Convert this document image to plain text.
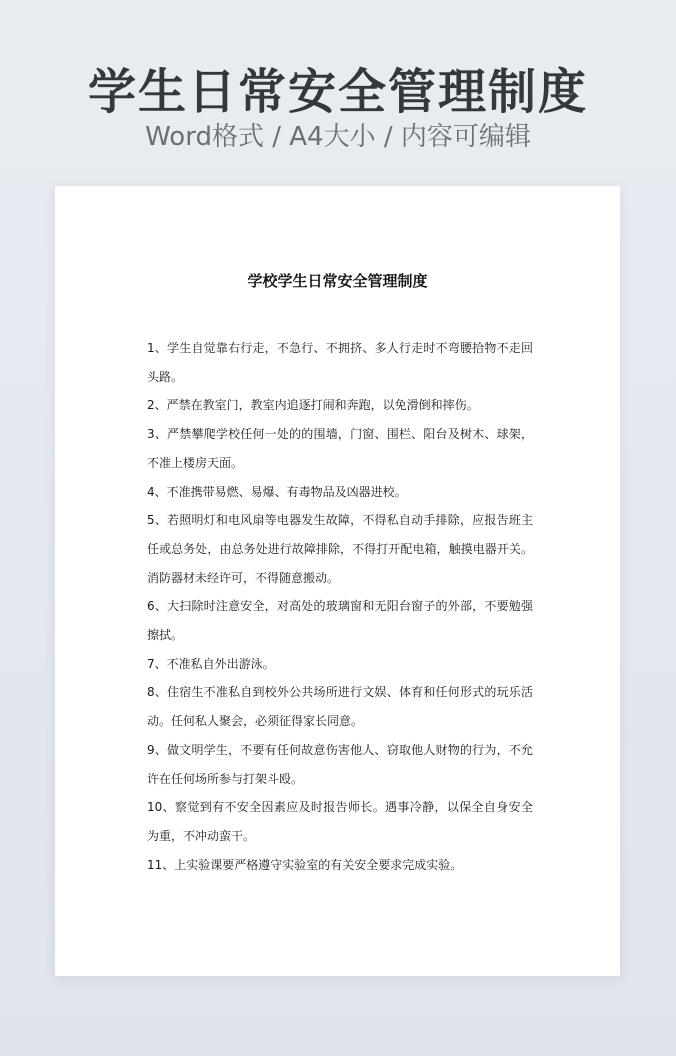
学生日常安全管理制度
Word格式 / A4大小 / 内容可编辑
学校学生日常安全管理制度

1、学生自觉靠右行走，不急行、不拥挤、多人行走时不弯腰拾物不走回头路。

2、严禁在教室门，教室内追逐打闹和奔跑，以免滑倒和摔伤。

3、严禁攀爬学校任何一处的的围墙，门窗、围栏、阳台及树木、球架，不准上楼房天面。

4、不准携带易燃、易爆、有毒物品及凶器进校。

5、若照明灯和电风扇等电器发生故障，不得私自动手排除，应报告班主任或总务处，由总务处进行故障排除，不得打开配电箱，触摸电器开关。消防器材未经许可，不得随意搬动。

6、大扫除时注意安全，对高处的玻璃窗和无阳台窗子的外部，不要勉强擦拭。

7、不准私自外出游泳。

8、住宿生不准私自到校外公共场所进行文娱、体育和任何形式的玩乐活动。任何私人聚会，必须征得家长同意。

9、做文明学生，不要有任何故意伤害他人、窃取他人财物的行为，不允许在任何场所参与打架斗殴。

10、察觉到有不安全因素应及时报告师长。遇事冷静，以保全自身安全为重，不冲动蛮干。

11、上实验课要严格遵守实验室的有关安全要求完成实验。
